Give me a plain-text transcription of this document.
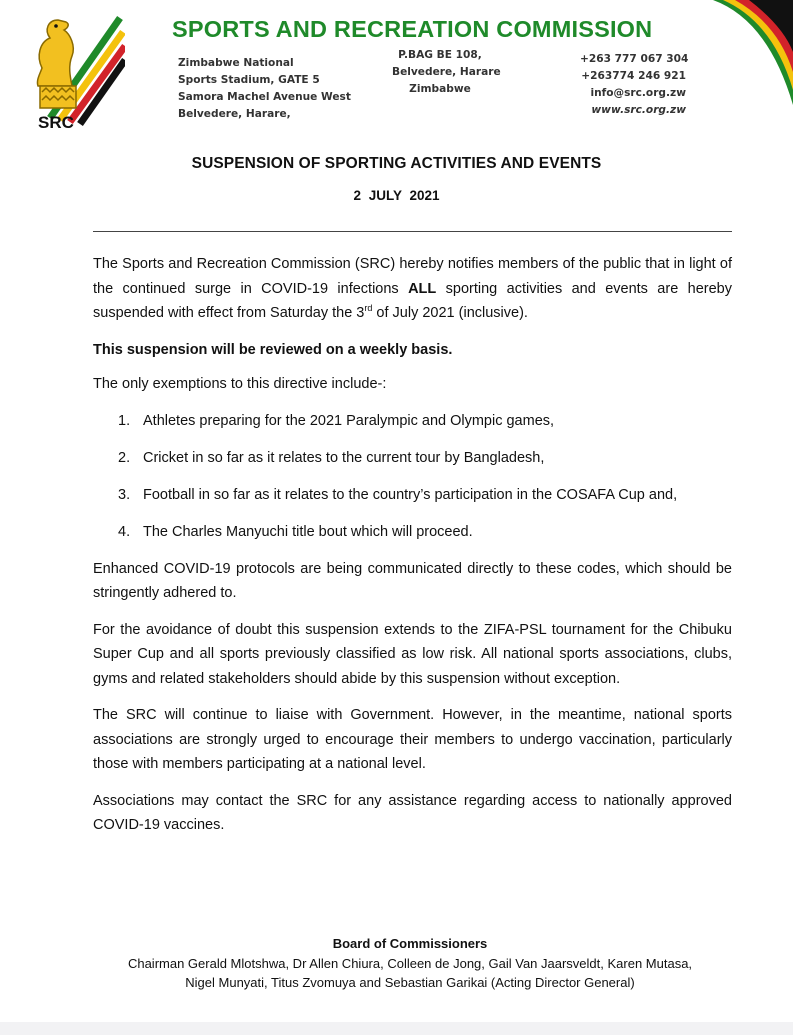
SRC
SPORTS AND RECREATION COMMISSION
Zimbabwe National
Sports Stadium, GATE 5
Samora Machel Avenue West
Belvedere, Harare,
P.BAG BE 108,
Belvedere, Harare
Zimbabwe
+263 777 067 304
+263774 246 921
info@src.org.zw
www.src.org.zw
SUSPENSION OF SPORTING ACTIVITIES AND EVENTS
2 JULY 2021

The Sports and Recreation Commission (SRC) hereby notifies members of the public that in light of the continued surge in COVID-19 infections ALL sporting activities and events are hereby suspended with effect from Saturday the 3rd of July 2021 (inclusive).

This suspension will be reviewed on a weekly basis.

The only exemptions to this directive include-:

1. Athletes preparing for the 2021 Paralympic and Olympic games,
2. Cricket in so far as it relates to the current tour by Bangladesh,
3. Football in so far as it relates to the country’s participation in the COSAFA Cup and,
4. The Charles Manyuchi title bout which will proceed.

Enhanced COVID-19 protocols are being communicated directly to these codes, which should be stringently adhered to.

For the avoidance of doubt this suspension extends to the ZIFA-PSL tournament for the Chibuku Super Cup and all sports previously classified as low risk. All national sports associations, clubs, gyms and related stakeholders should abide by this suspension without exception.

The SRC will continue to liaise with Government. However, in the meantime, national sports associations are strongly urged to encourage their members to undergo vaccination, particularly those with members participating at a national level.

Associations may contact the SRC for any assistance regarding access to nationally approved COVID-19 vaccines.

Board of Commissioners
Chairman Gerald Mlotshwa, Dr Allen Chiura, Colleen de Jong, Gail Van Jaarsveldt, Karen Mutasa,
Nigel Munyati, Titus Zvomuya and Sebastian Garikai (Acting Director General)
